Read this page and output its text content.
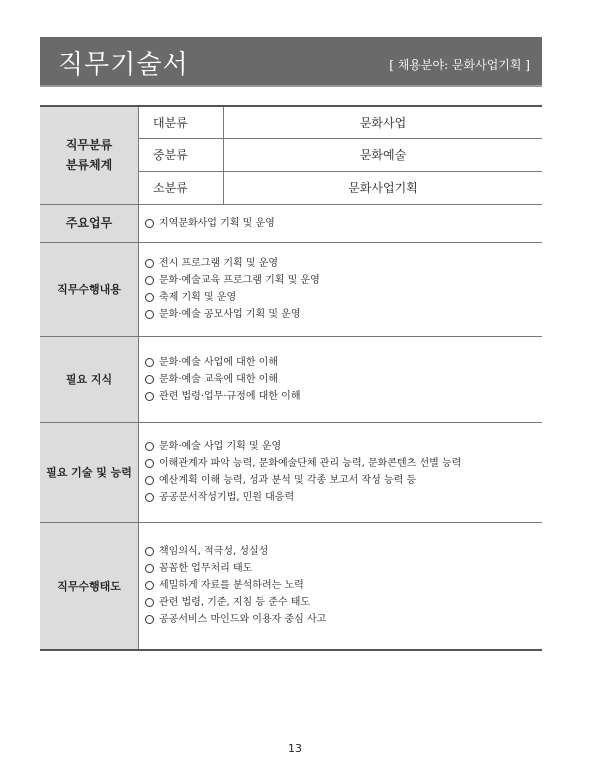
직무기술서	[ 채용분야: 문화사업기획 ]
직무분류
분류체계	대분류	문화사업
	중분류	문화예술
	소분류	문화사업기획
주요업무	지역문화사업 기획 및 운영	

직무수행내용	전시 프로그램 기획 및 운영
문화·예술교육 프로그램 기획 및 운영
축제 기획 및 운영
문화·예술 공모사업 기획 및 운영	

필요 지식	문화·예술 사업에 대한 이해
문화·예술 교육에 대한 이해
관련 법령·업무·규정에 대한 이해	

필요 기술 및 능력	문화·예술 사업 기획 및 운영
이해관계자 파악 능력, 문화예술단체 관리 능력, 문화콘텐츠 선별 능력
예산계획 이해 능력, 성과 분석 및 각종 보고서 작성 능력 등
공공문서작성기법, 민원 대응력	

직무수행태도	책임의식, 적극성, 성실성
꼼꼼한 업무처리 태도
세밀하게 자료를 분석하려는 노력
관련 법령, 기준, 지침 등 준수 태도
공공서비스 마인드와 이용자 중심 사고	
13
